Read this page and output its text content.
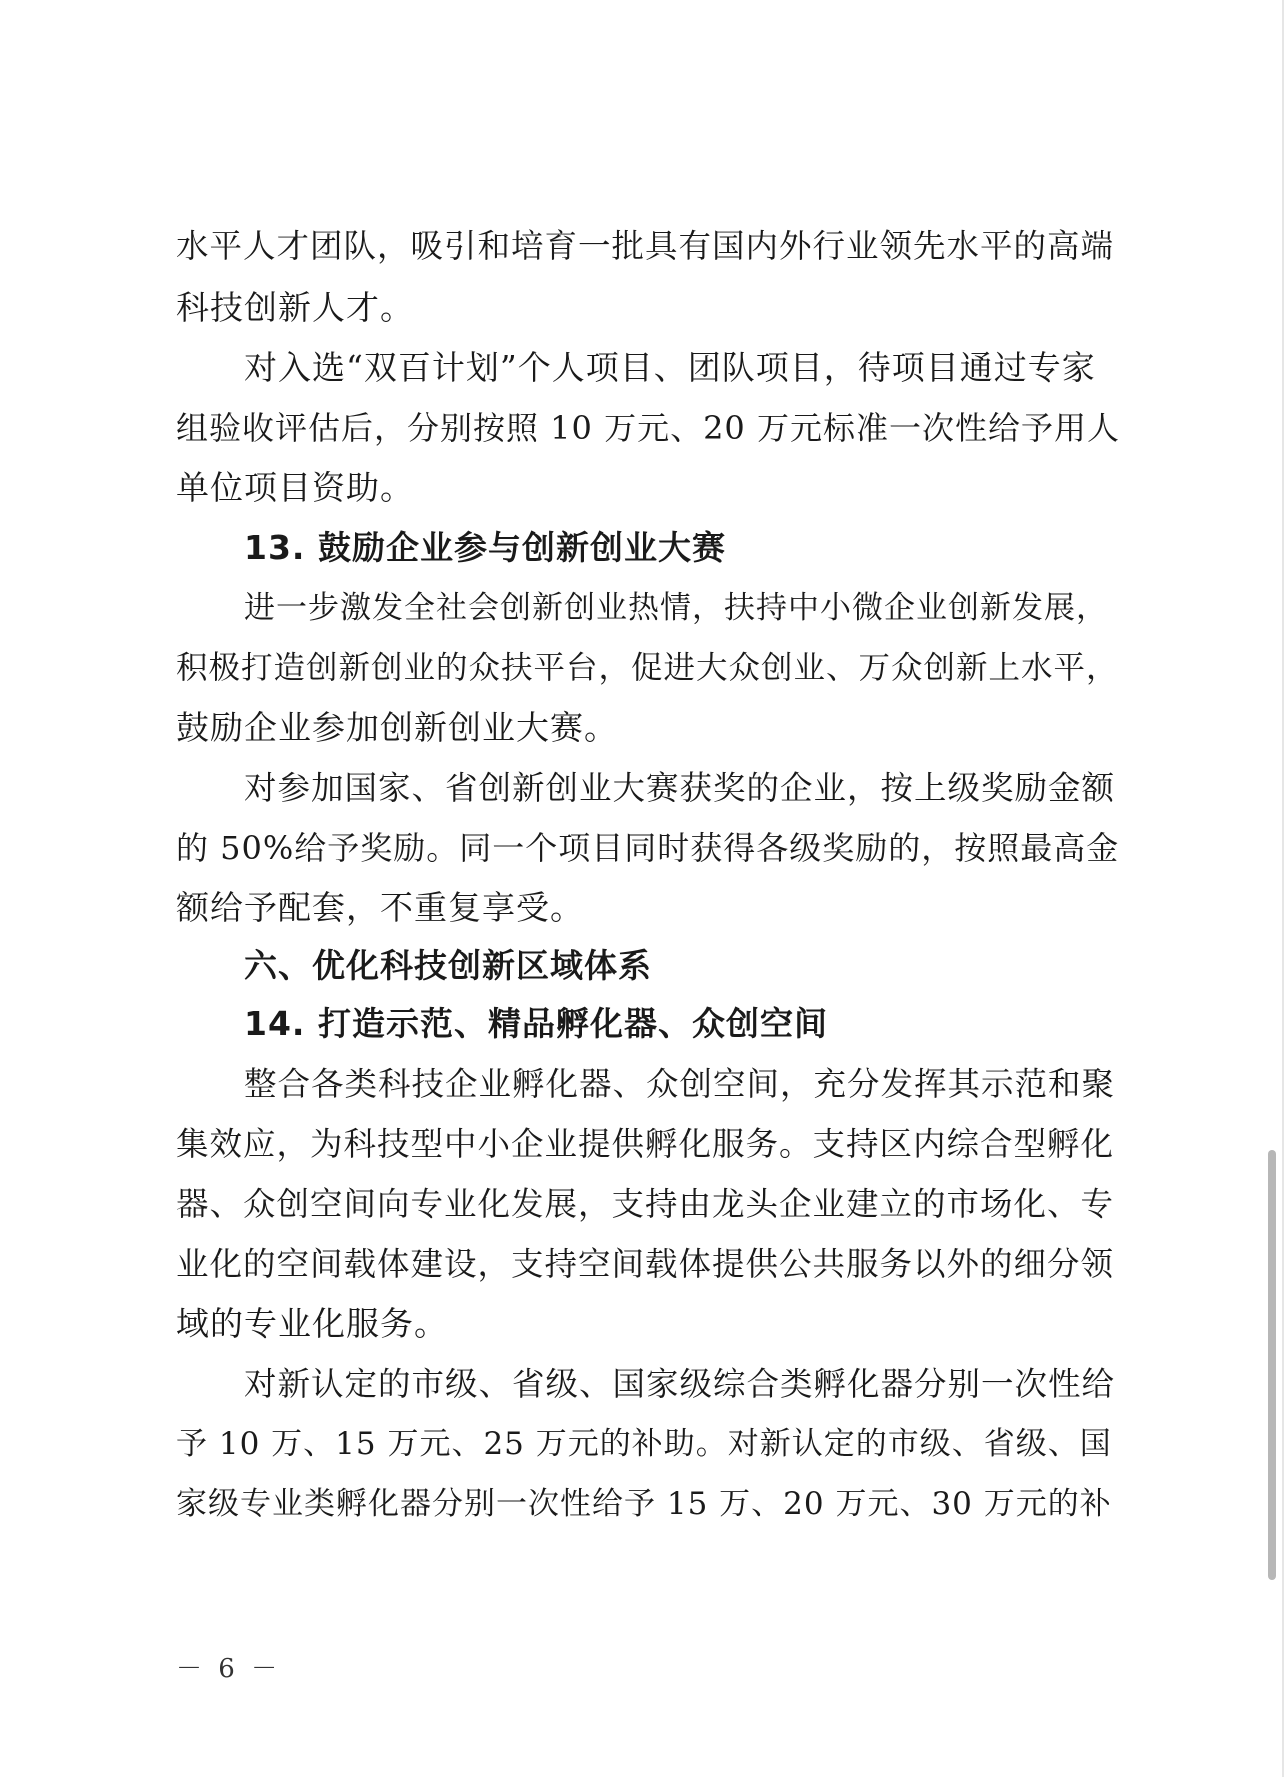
水平人才团队，吸引和培育一批具有国内外行业领先水平的高端
科技创新人才。
对入选“双百计划”个人项目、团队项目，待项目通过专家
组验收评估后，分别按照 10 万元、20 万元标准一次性给予用人
单位项目资助。
13. 鼓励企业参与创新创业大赛
进一步激发全社会创新创业热情，扶持中小微企业创新发展，
积极打造创新创业的众扶平台，促进大众创业、万众创新上水平，
鼓励企业参加创新创业大赛。
对参加国家、省创新创业大赛获奖的企业，按上级奖励金额
的 50%给予奖励。同一个项目同时获得各级奖励的，按照最高金
额给予配套，不重复享受。
六、优化科技创新区域体系
14. 打造示范、精品孵化器、众创空间
整合各类科技企业孵化器、众创空间，充分发挥其示范和聚
集效应，为科技型中小企业提供孵化服务。支持区内综合型孵化
器、众创空间向专业化发展，支持由龙头企业建立的市场化、专
业化的空间载体建设，支持空间载体提供公共服务以外的细分领
域的专业化服务。
对新认定的市级、省级、国家级综合类孵化器分别一次性给
予 10 万、15 万元、25 万元的补助。对新认定的市级、省级、国
家级专业类孵化器分别一次性给予 15 万、20 万元、30 万元的补
－ 6 －
